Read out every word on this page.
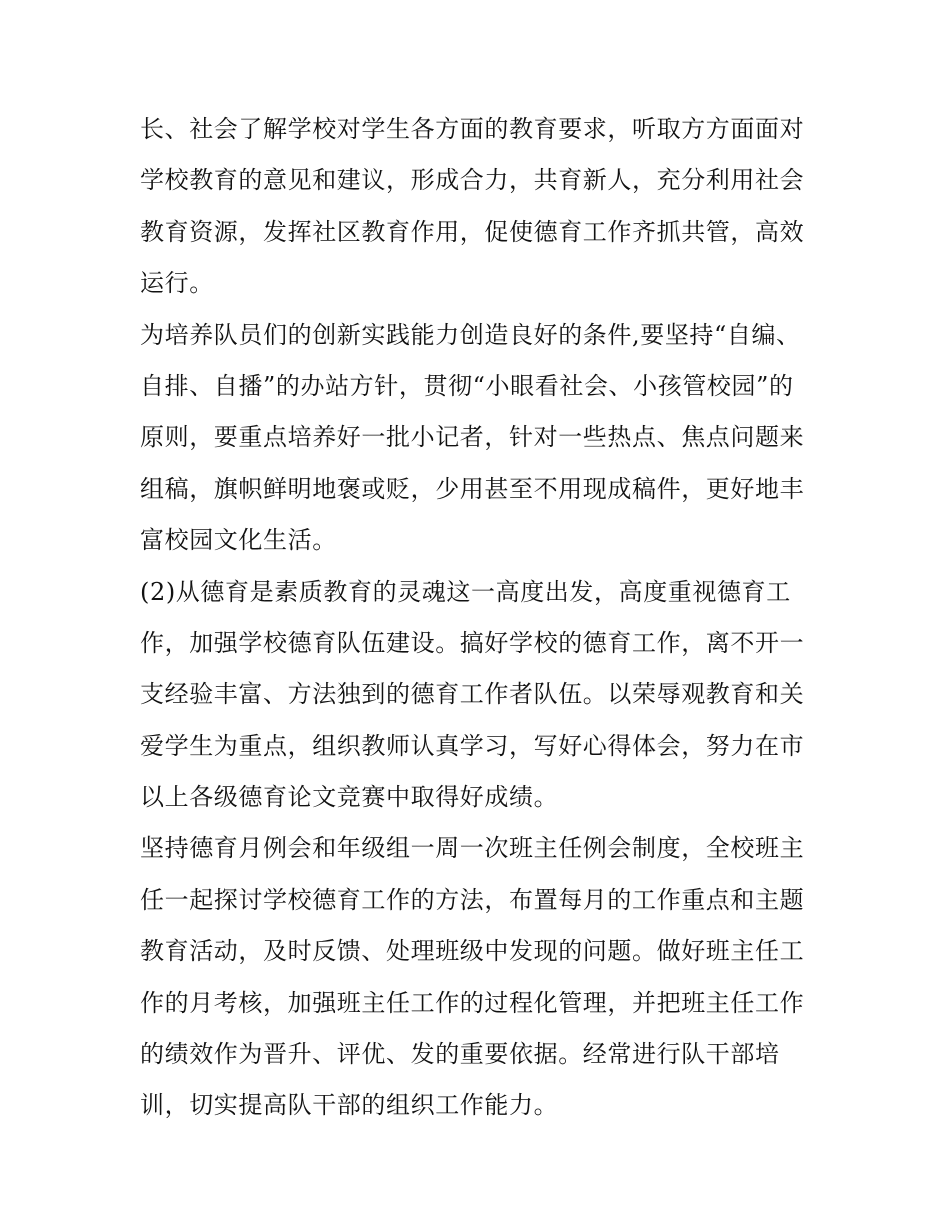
长、社会了解学校对学生各方面的教育要求，听取方方面面对
学校教育的意见和建议，形成合力，共育新人，充分利用社会
教育资源，发挥社区教育作用，促使德育工作齐抓共管，高效
运行。
为培养队员们的创新实践能力创造良好的条件,要坚持“自编、
自排、自播”的办站方针，贯彻“小眼看社会、小孩管校园”的
原则，要重点培养好一批小记者，针对一些热点、焦点问题来
组稿，旗帜鲜明地褒或贬，少用甚至不用现成稿件，更好地丰
富校园文化生活。
(2)从德育是素质教育的灵魂这一高度出发，高度重视德育工
作，加强学校德育队伍建设。搞好学校的德育工作，离不开一
支经验丰富、方法独到的德育工作者队伍。以荣辱观教育和关
爱学生为重点，组织教师认真学习，写好心得体会，努力在市
以上各级德育论文竞赛中取得好成绩。
坚持德育月例会和年级组一周一次班主任例会制度，全校班主
任一起探讨学校德育工作的方法，布置每月的工作重点和主题
教育活动，及时反馈、处理班级中发现的问题。做好班主任工
作的月考核，加强班主任工作的过程化管理，并把班主任工作
的绩效作为晋升、评优、发的重要依据。经常进行队干部培
训，切实提高队干部的组织工作能力。
